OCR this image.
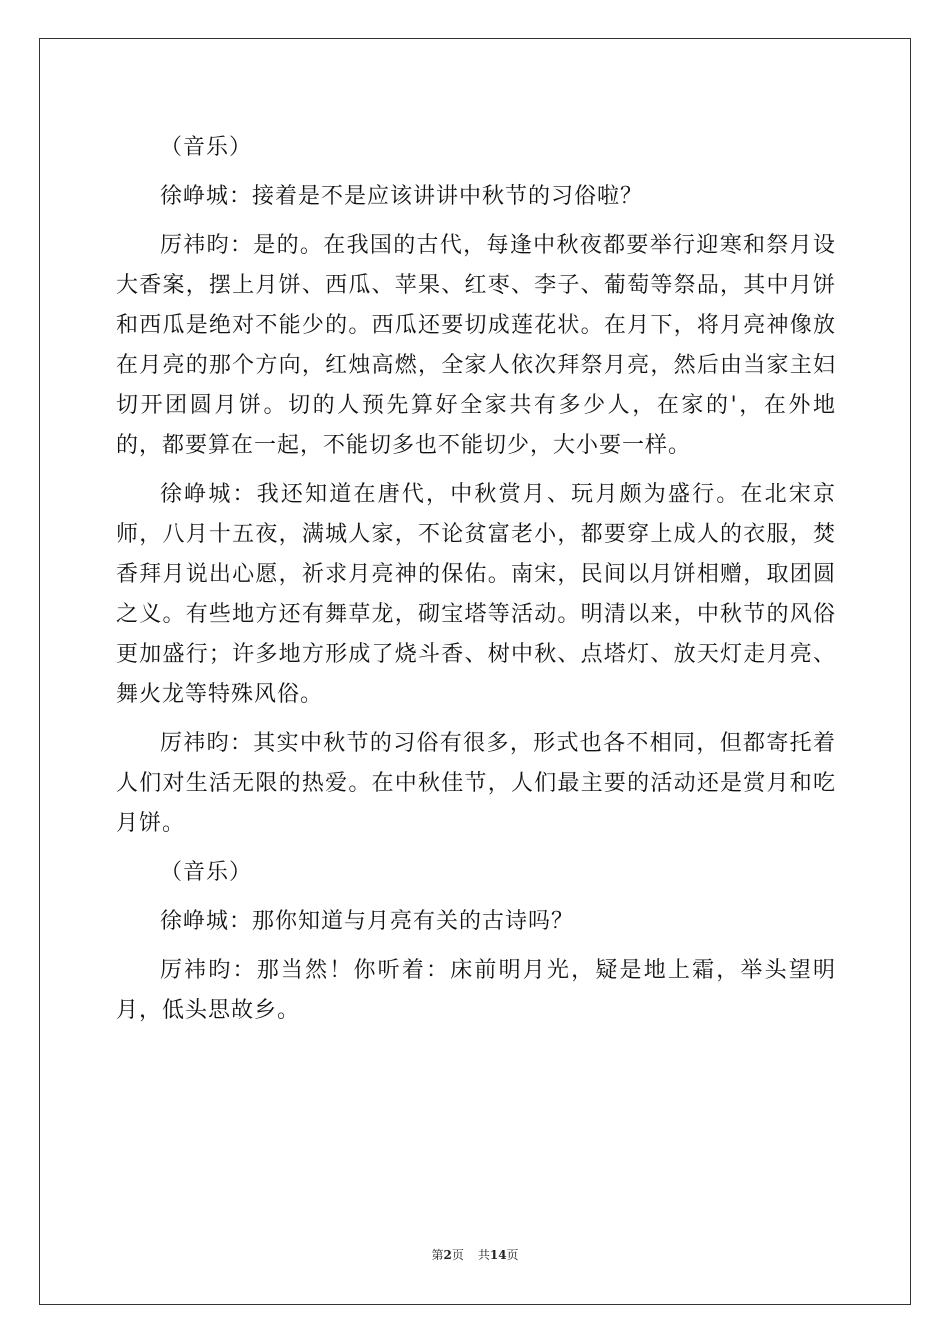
（音乐）

徐峥城：接着是不是应该讲讲中秋节的习俗啦？

厉祎昀：是的。在我国的古代，每逢中秋夜都要举行迎寒和祭月设大香案，摆上月饼、西瓜、苹果、红枣、李子、葡萄等祭品，其中月饼和西瓜是绝对不能少的。西瓜还要切成莲花状。在月下，将月亮神像放在月亮的那个方向，红烛高燃，全家人依次拜祭月亮，然后由当家主妇切开团圆月饼。切的人预先算好全家共有多少人，在家的'，在外地的，都要算在一起，不能切多也不能切少，大小要一样。

徐峥城：我还知道在唐代，中秋赏月、玩月颇为盛行。在北宋京师，八月十五夜，满城人家，不论贫富老小，都要穿上成人的衣服，焚香拜月说出心愿，祈求月亮神的保佑。南宋，民间以月饼相赠，取团圆之义。有些地方还有舞草龙，砌宝塔等活动。明清以来，中秋节的风俗更加盛行；许多地方形成了烧斗香、树中秋、点塔灯、放天灯走月亮、舞火龙等特殊风俗。

厉祎昀：其实中秋节的习俗有很多，形式也各不相同，但都寄托着人们对生活无限的热爱。在中秋佳节，人们最主要的活动还是赏月和吃月饼。

（音乐）

徐峥城：那你知道与月亮有关的古诗吗？

厉祎昀：那当然！你听着：床前明月光，疑是地上霜，举头望明月，低头思故乡。

第2页 共14页
